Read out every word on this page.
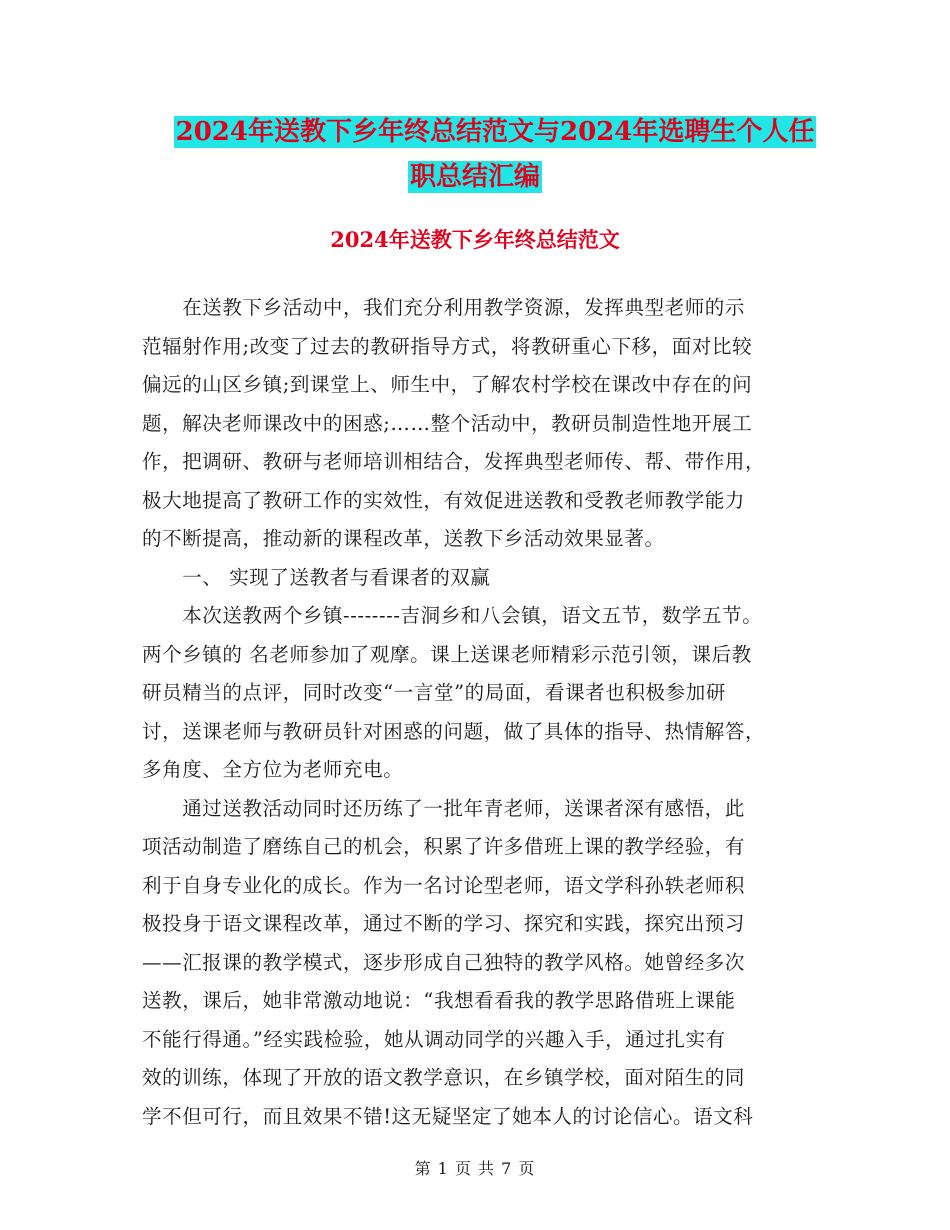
2024年送教下乡年终总结范文与2024年选聘生个人任
职总结汇编
2024年送教下乡年终总结范文
　　在送教下乡活动中，我们充分利用教学资源，发挥典型老师的示
范辐射作用;改变了过去的教研指导方式，将教研重心下移，面对比较
偏远的山区乡镇;到课堂上、师生中，了解农村学校在课改中存在的问
题，解决老师课改中的困惑;……整个活动中，教研员制造性地开展工
作，把调研、教研与老师培训相结合，发挥典型老师传、帮、带作用，
极大地提高了教研工作的实效性，有效促进送教和受教老师教学能力
的不断提高，推动新的课程改革，送教下乡活动效果显著。
　　一、 实现了送教者与看课者的双赢
　　本次送教两个乡镇--------吉洞乡和八会镇，语文五节，数学五节。
两个乡镇的 名老师参加了观摩。课上送课老师精彩示范引领，课后教
研员精当的点评，同时改变“一言堂”的局面，看课者也积极参加研
讨，送课老师与教研员针对困惑的问题，做了具体的指导、热情解答，
多角度、全方位为老师充电。
　　通过送教活动同时还历练了一批年青老师，送课者深有感悟，此
项活动制造了磨练自己的机会，积累了许多借班上课的教学经验，有
利于自身专业化的成长。作为一名讨论型老师，语文学科孙轶老师积
极投身于语文课程改革，通过不断的学习、探究和实践，探究出预习
——汇报课的教学模式，逐步形成自己独特的教学风格。她曾经多次
送教，课后，她非常激动地说：“我想看看我的教学思路借班上课能
不能行得通。”经实践检验，她从调动同学的兴趣入手，通过扎实有
效的训练，体现了开放的语文教学意识，在乡镇学校，面对陌生的同
学不但可行，而且效果不错!这无疑坚定了她本人的讨论信心。语文科
第 1 页 共 7 页
